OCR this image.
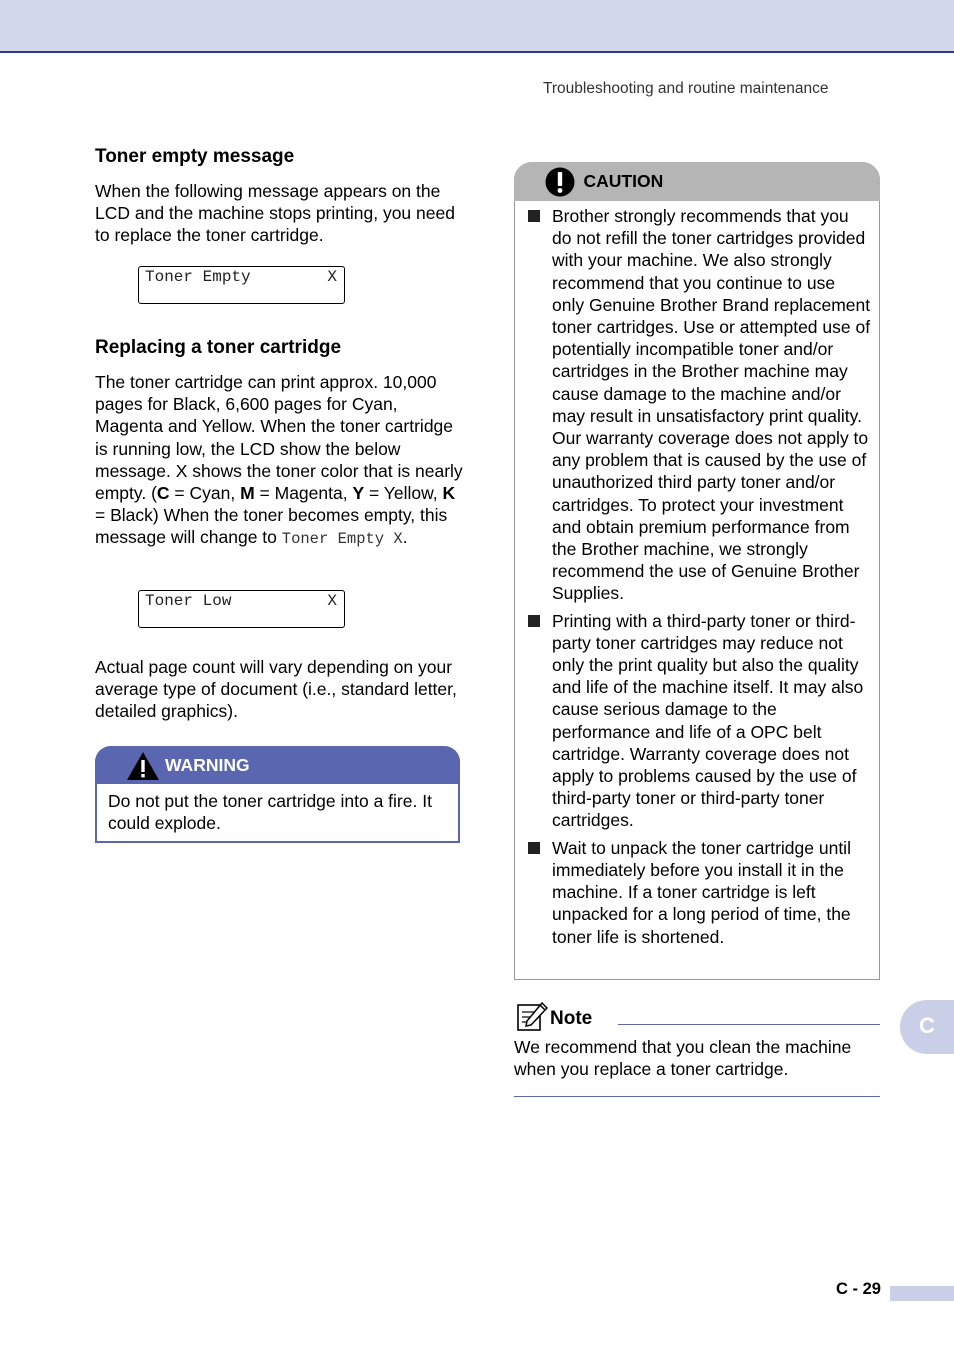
Troubleshooting and routine maintenance
Toner empty message

When the following message appears on the LCD and the machine stops printing, you need to replace the toner cartridge.

Toner Empty	X
Replacing a toner cartridge

The toner cartridge can print approx. 10,000 pages for Black, 6,600 pages for Cyan, Magenta and Yellow. When the toner cartridge is running low, the LCD show the below message. X shows the toner color that is nearly empty. (C = Cyan, M = Magenta, Y = Yellow, K = Black) When the toner becomes empty, this message will change to Toner Empty X.

Toner Low	X

Actual page count will vary depending on your average type of document (i.e., standard letter, detailed graphics).

WARNING
Do not put the toner cartridge into a fire. It could explode.
CAUTION
Brother strongly recommends that you do not refill the toner cartridges provided with your machine. We also strongly recommend that you continue to use only Genuine Brother Brand replacement toner cartridges. Use or attempted use of potentially incompatible toner and/or cartridges in the Brother machine may cause damage to the machine and/or may result in unsatisfactory print quality. Our warranty coverage does not apply to any problem that is caused by the use of unauthorized third party toner and/or cartridges. To protect your investment and obtain premium performance from the Brother machine, we strongly recommend the use of Genuine Brother Supplies.
Printing with a third-party toner or third-party toner cartridges may reduce not only the print quality but also the quality and life of the machine itself. It may also cause serious damage to the performance and life of a OPC belt cartridge. Warranty coverage does not apply to problems caused by the use of third-party toner or third-party toner cartridges.
Wait to unpack the toner cartridge until immediately before you install it in the machine. If a toner cartridge is left unpacked for a long period of time, the toner life is shortened.
Note
We recommend that you clean the machine when you replace a toner cartridge.
C
C - 29
